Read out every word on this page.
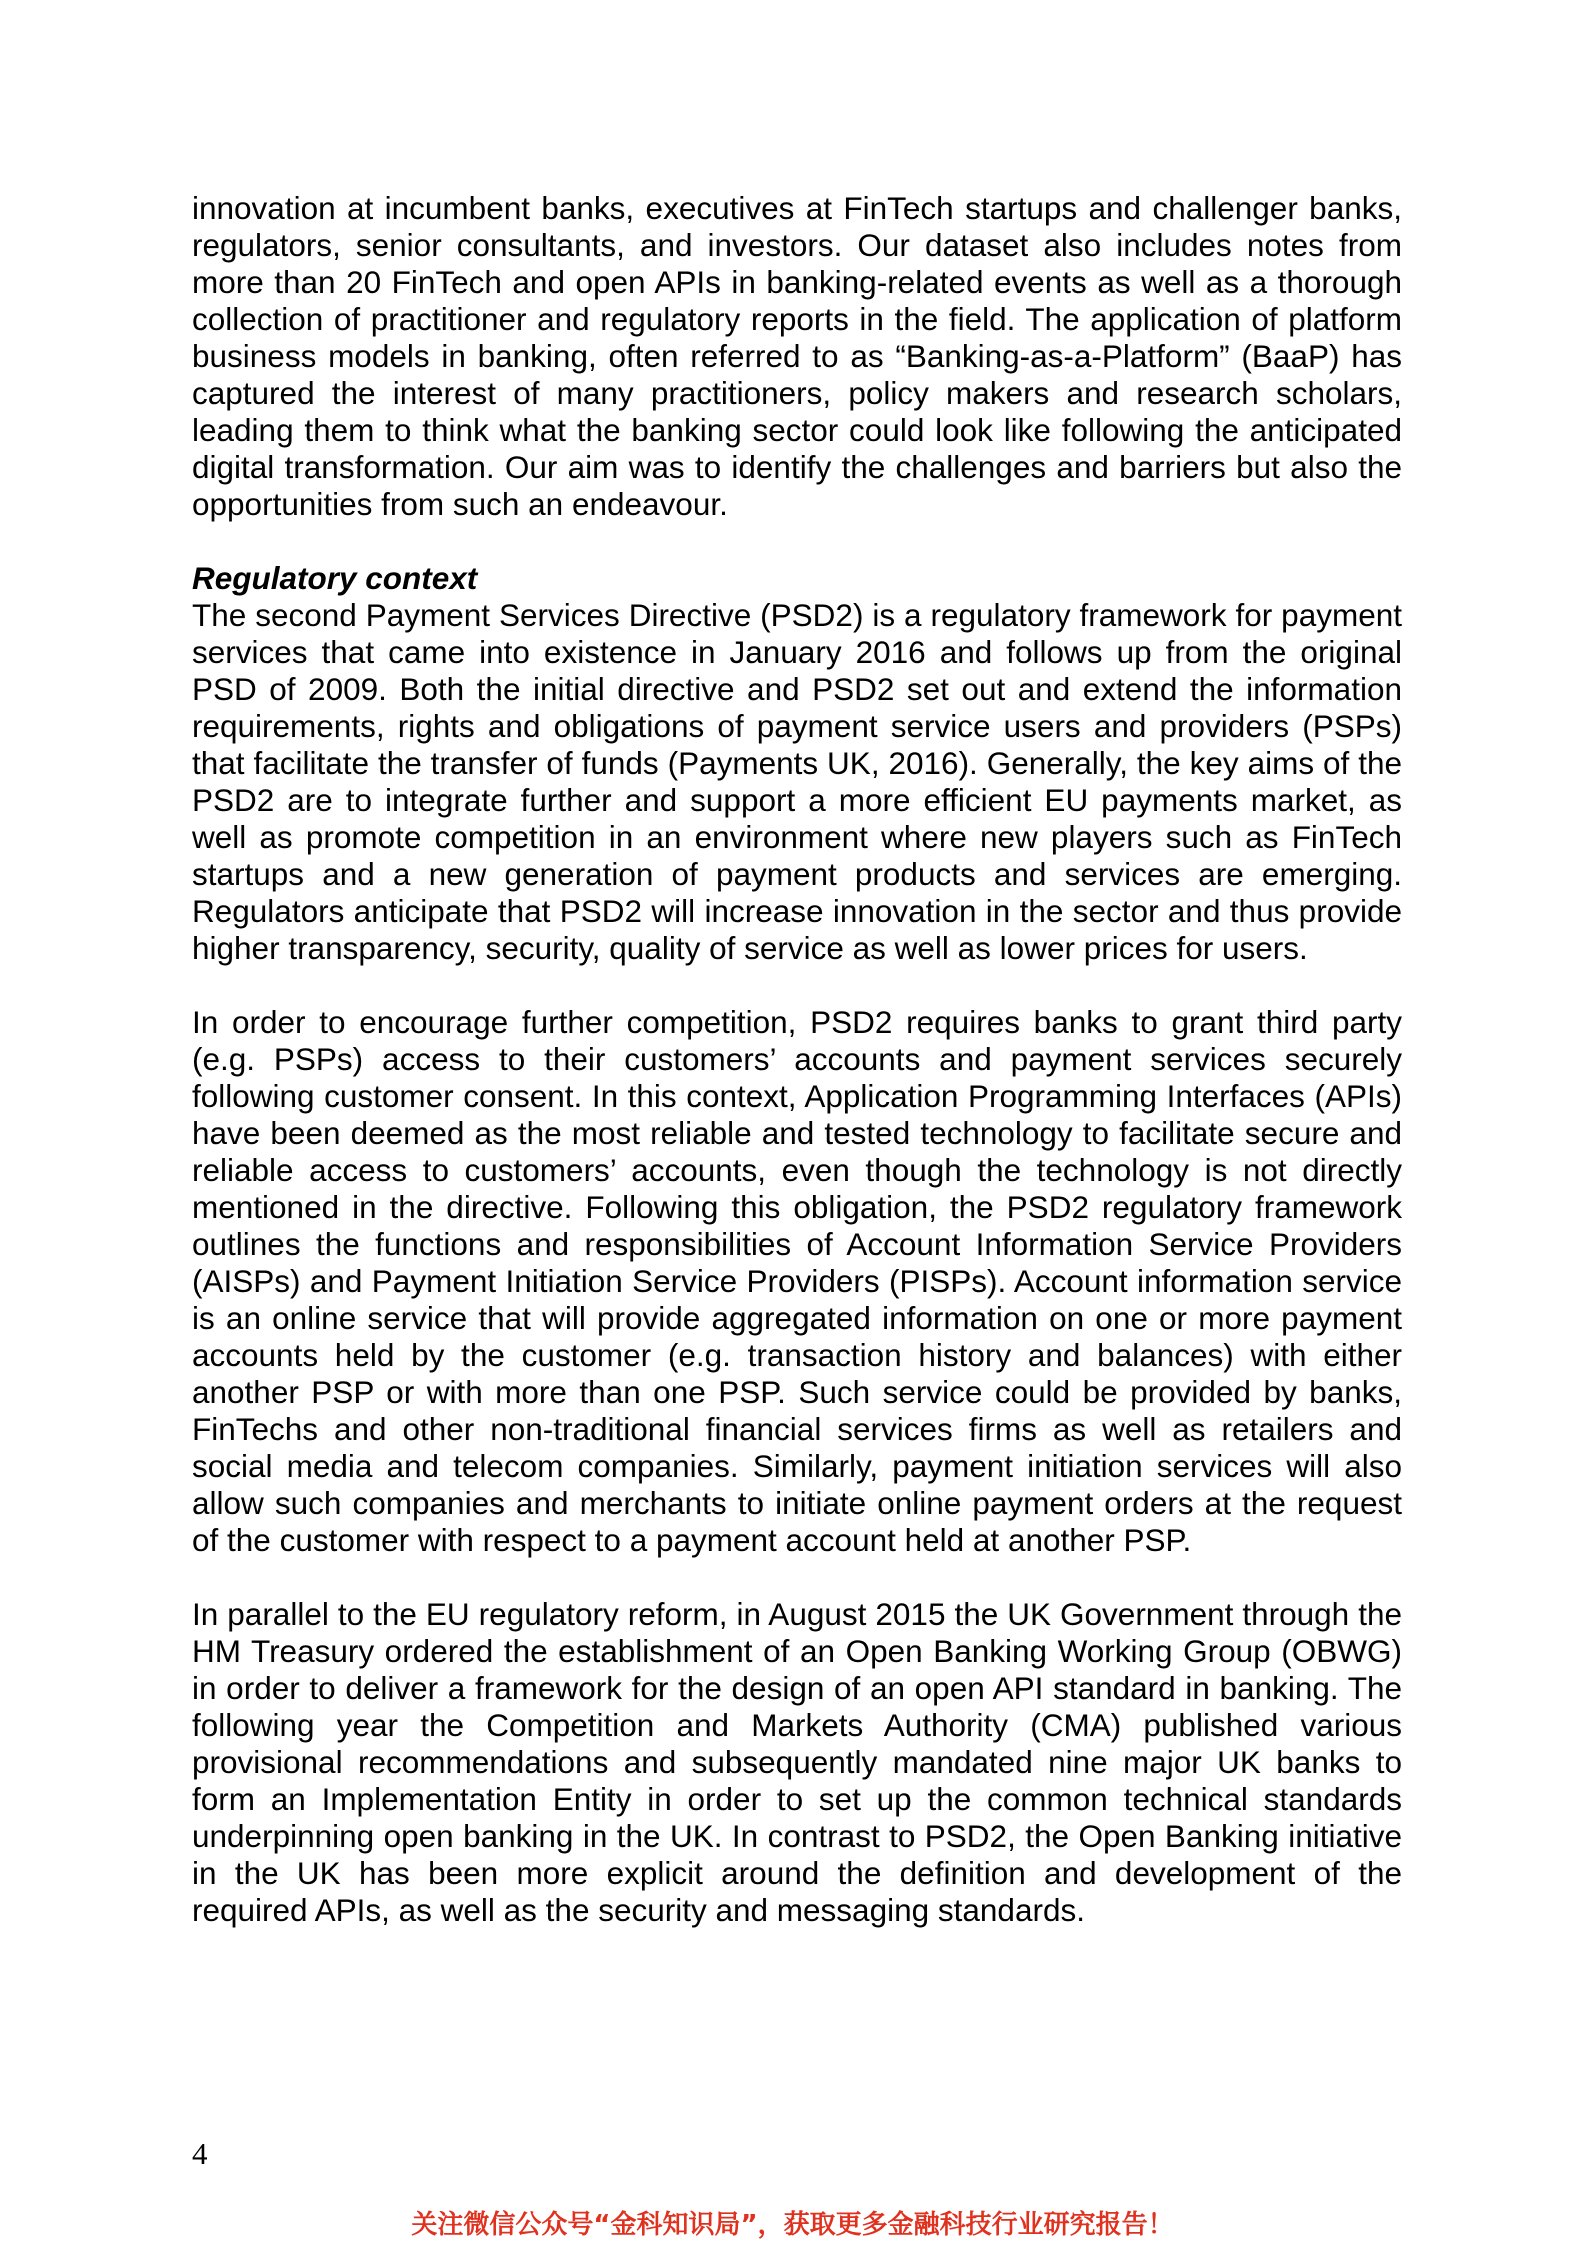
innovation at incumbent banks, executives at FinTech startups and challenger banks, regulators, senior consultants, and investors. Our dataset also includes notes from more than 20 FinTech and open APIs in banking-related events as well as a thorough collection of practitioner and regulatory reports in the field. The application of platform business models in banking, often referred to as “Banking-as-a-Platform” (BaaP) has captured the interest of many practitioners, policy makers and research scholars, leading them to think what the banking sector could look like following the anticipated digital transformation. Our aim was to identify the challenges and barriers but also the opportunities from such an endeavour.

Regulatory context

The second Payment Services Directive (PSD2) is a regulatory framework for payment services that came into existence in January 2016 and follows up from the original PSD of 2009. Both the initial directive and PSD2 set out and extend the information requirements, rights and obligations of payment service users and providers (PSPs) that facilitate the transfer of funds (Payments UK, 2016). Generally, the key aims of the PSD2 are to integrate further and support a more efficient EU payments market, as well as promote competition in an environment where new players such as FinTech startups and a new generation of payment products and services are emerging. Regulators anticipate that PSD2 will increase innovation in the sector and thus provide higher transparency, security, quality of service as well as lower prices for users.

In order to encourage further competition, PSD2 requires banks to grant third party (e.g. PSPs) access to their customers’ accounts and payment services securely following customer consent. In this context, Application Programming Interfaces (APIs) have been deemed as the most reliable and tested technology to facilitate secure and reliable access to customers’ accounts, even though the technology is not directly mentioned in the directive. Following this obligation, the PSD2 regulatory framework outlines the functions and responsibilities of Account Information Service Providers (AISPs) and Payment Initiation Service Providers (PISPs). Account information service is an online service that will provide aggregated information on one or more payment accounts held by the customer (e.g. transaction history and balances) with either another PSP or with more than one PSP. Such service could be provided by banks, FinTechs and other non-traditional financial services firms as well as retailers and social media and telecom companies. Similarly, payment initiation services will also allow such companies and merchants to initiate online payment orders at the request of the customer with respect to a payment account held at another PSP.

In parallel to the EU regulatory reform, in August 2015 the UK Government through the HM Treasury ordered the establishment of an Open Banking Working Group (OBWG) in order to deliver a framework for the design of an open API standard in banking. The following year the Competition and Markets Authority (CMA) published various provisional recommendations and subsequently mandated nine major UK banks to form an Implementation Entity in order to set up the common technical standards underpinning open banking in the UK. In contrast to PSD2, the Open Banking initiative in the UK has been more explicit around the definition and development of the required APIs, as well as the security and messaging standards.

4
关注微信公众号“金科知识局”，获取更多金融科技行业研究报告！
